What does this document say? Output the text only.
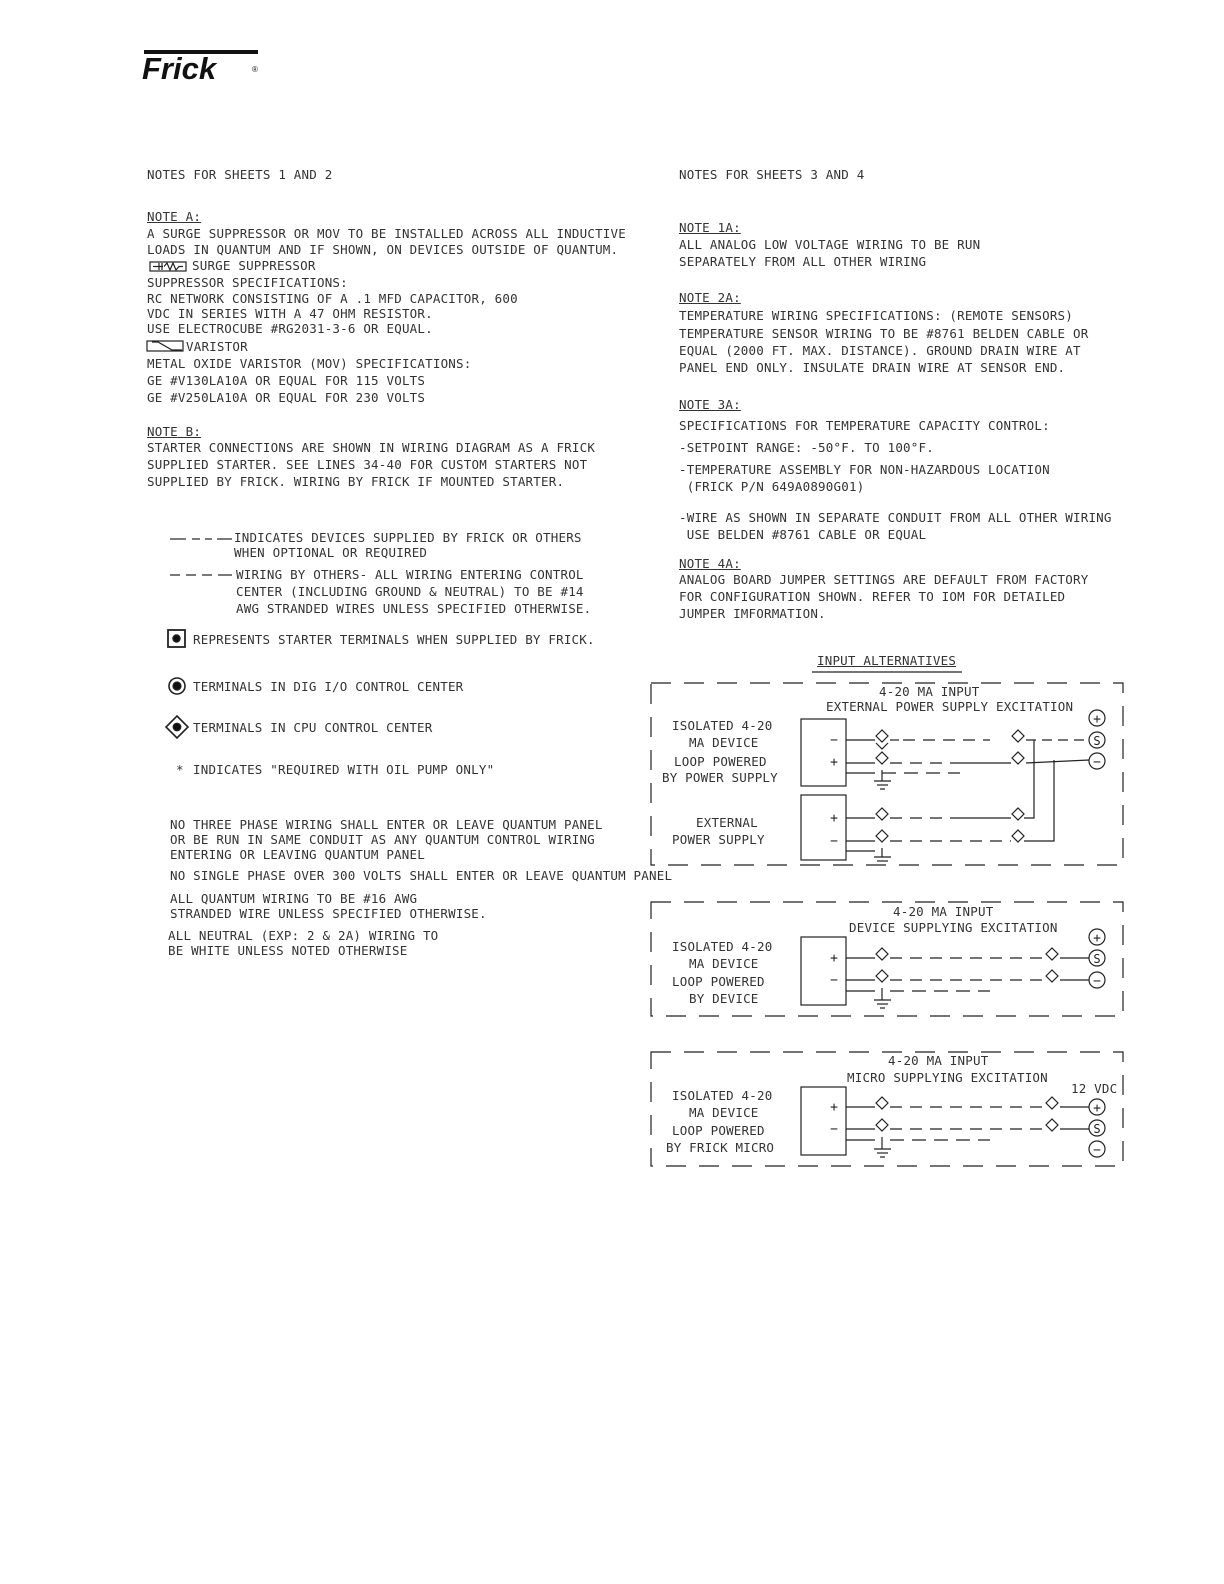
Frick	®
NOTES FOR SHEETS 1 AND 2
NOTE A:
A SURGE SUPPRESSOR OR MOV TO BE INSTALLED ACROSS ALL INDUCTIVE
LOADS IN QUANTUM AND IF SHOWN, ON DEVICES OUTSIDE OF QUANTUM.
SURGE SUPPRESSOR
SUPPRESSOR SPECIFICATIONS:
RC NETWORK CONSISTING OF A .1 MFD CAPACITOR, 600
VDC IN SERIES WITH A 47 OHM RESISTOR.
USE ELECTROCUBE #RG2031-3-6 OR EQUAL.
VARISTOR
METAL OXIDE VARISTOR (MOV) SPECIFICATIONS:
GE #V130LA10A OR EQUAL FOR 115 VOLTS
GE #V250LA10A OR EQUAL FOR 230 VOLTS
NOTE B:
STARTER CONNECTIONS ARE SHOWN IN WIRING DIAGRAM AS A FRICK
SUPPLIED STARTER. SEE LINES 34-40 FOR CUSTOM STARTERS NOT
SUPPLIED BY FRICK. WIRING BY FRICK IF MOUNTED STARTER.
INDICATES DEVICES SUPPLIED BY FRICK OR OTHERS
WHEN OPTIONAL OR REQUIRED
WIRING BY OTHERS- ALL WIRING ENTERING CONTROL
CENTER (INCLUDING GROUND & NEUTRAL) TO BE #14
AWG STRANDED WIRES UNLESS SPECIFIED OTHERWISE.
REPRESENTS STARTER TERMINALS WHEN SUPPLIED BY FRICK.
TERMINALS IN DIG I/O CONTROL CENTER
TERMINALS IN CPU CONTROL CENTER
* INDICATES "REQUIRED WITH OIL PUMP ONLY"
NO THREE PHASE WIRING SHALL ENTER OR LEAVE QUANTUM PANEL
OR BE RUN IN SAME CONDUIT AS ANY QUANTUM CONTROL WIRING
ENTERING OR LEAVING QUANTUM PANEL
NO SINGLE PHASE OVER 300 VOLTS SHALL ENTER OR LEAVE QUANTUM PANEL
ALL QUANTUM WIRING TO BE #16 AWG
STRANDED WIRE UNLESS SPECIFIED OTHERWISE.
ALL NEUTRAL (EXP: 2 & 2A) WIRING TO
BE WHITE UNLESS NOTED OTHERWISE
NOTES FOR SHEETS 3 AND 4
NOTE 1A:
ALL ANALOG LOW VOLTAGE WIRING TO BE RUN
SEPARATELY FROM ALL OTHER WIRING
NOTE 2A:
TEMPERATURE WIRING SPECIFICATIONS: (REMOTE SENSORS)
TEMPERATURE SENSOR WIRING TO BE #8761 BELDEN CABLE OR
EQUAL (2000 FT. MAX. DISTANCE). GROUND DRAIN WIRE AT
PANEL END ONLY. INSULATE DRAIN WIRE AT SENSOR END.
NOTE 3A:
SPECIFICATIONS FOR TEMPERATURE CAPACITY CONTROL:
-SETPOINT RANGE: -50°F. TO 100°F.
-TEMPERATURE ASSEMBLY FOR NON-HAZARDOUS LOCATION
(FRICK P/N 649A0890G01)
-WIRE AS SHOWN IN SEPARATE CONDUIT FROM ALL OTHER WIRING
USE BELDEN #8761 CABLE OR EQUAL
NOTE 4A:
ANALOG BOARD JUMPER SETTINGS ARE DEFAULT FROM FACTORY
FOR CONFIGURATION SHOWN. REFER TO IOM FOR DETAILED
JUMPER IMFORMATION.
INPUT ALTERNATIVES
4-20 MA INPUT
EXTERNAL POWER SUPPLY EXCITATION
ISOLATED 4-20
MA DEVICE
LOOP POWERED
BY POWER SUPPLY
EXTERNAL
POWER SUPPLY
4-20 MA INPUT
DEVICE SUPPLYING EXCITATION
ISOLATED 4-20
MA DEVICE
LOOP POWERED
BY DEVICE
4-20 MA INPUT
MICRO SUPPLYING EXCITATION
12 VDC
ISOLATED 4-20
MA DEVICE
LOOP POWERED
BY FRICK MICRO
+
S
−
+
S
−
+
S
−
−
+
+
−
+
−
+
−
